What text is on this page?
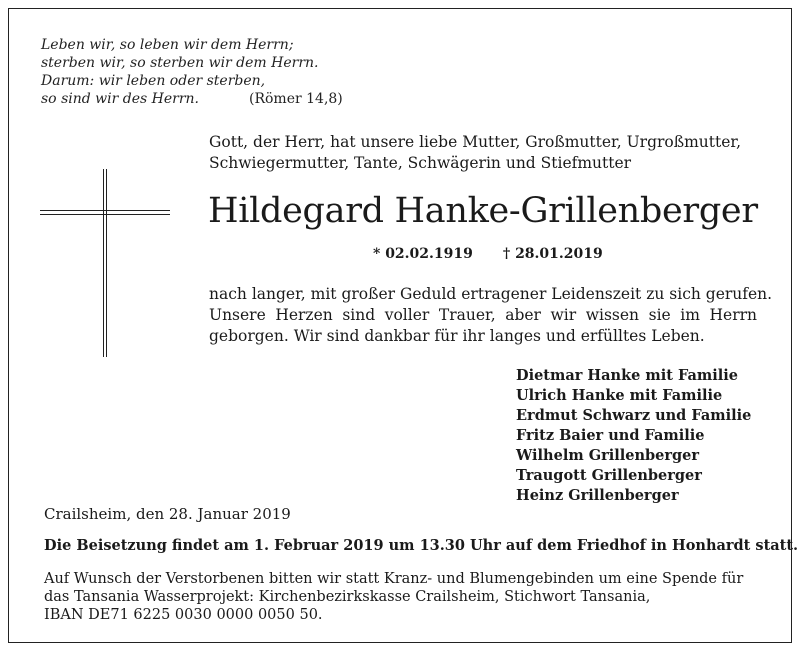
Leben wir, so leben wir dem Herrn;
sterben wir, so sterben wir dem Herrn.
Darum: wir leben oder sterben,
so sind wir des Herrn.	(Römer 14,8)
Gott, der Herr, hat unsere liebe Mutter, Großmutter, Urgroßmutter,
Schwiegermutter, Tante, Schwägerin und Stiefmutter
Hildegard Hanke-Grillenberger
* 02.02.1919 † 28.01.2019
nach langer, mit großer Geduld ertragener Leidenszeit zu sich gerufen.
Unsere Herzen sind voller Trauer, aber wir wissen sie im Herrn
geborgen. Wir sind dankbar für ihr langes und erfülltes Leben.
Dietmar Hanke mit Familie
Ulrich Hanke mit Familie
Erdmut Schwarz und Familie
Fritz Baier und Familie
Wilhelm Grillenberger
Traugott Grillenberger
Heinz Grillenberger
Crailsheim, den 28. Januar 2019
Die Beisetzung findet am 1. Februar 2019 um 13.30 Uhr auf dem Friedhof in Honhardt statt.
Auf Wunsch der Verstorbenen bitten wir statt Kranz- und Blumengebinden um eine Spende für
das Tansania Wasserprojekt: Kirchenbezirkskasse Crailsheim, Stichwort Tansania,
IBAN DE71 6225 0030 0000 0050 50.
